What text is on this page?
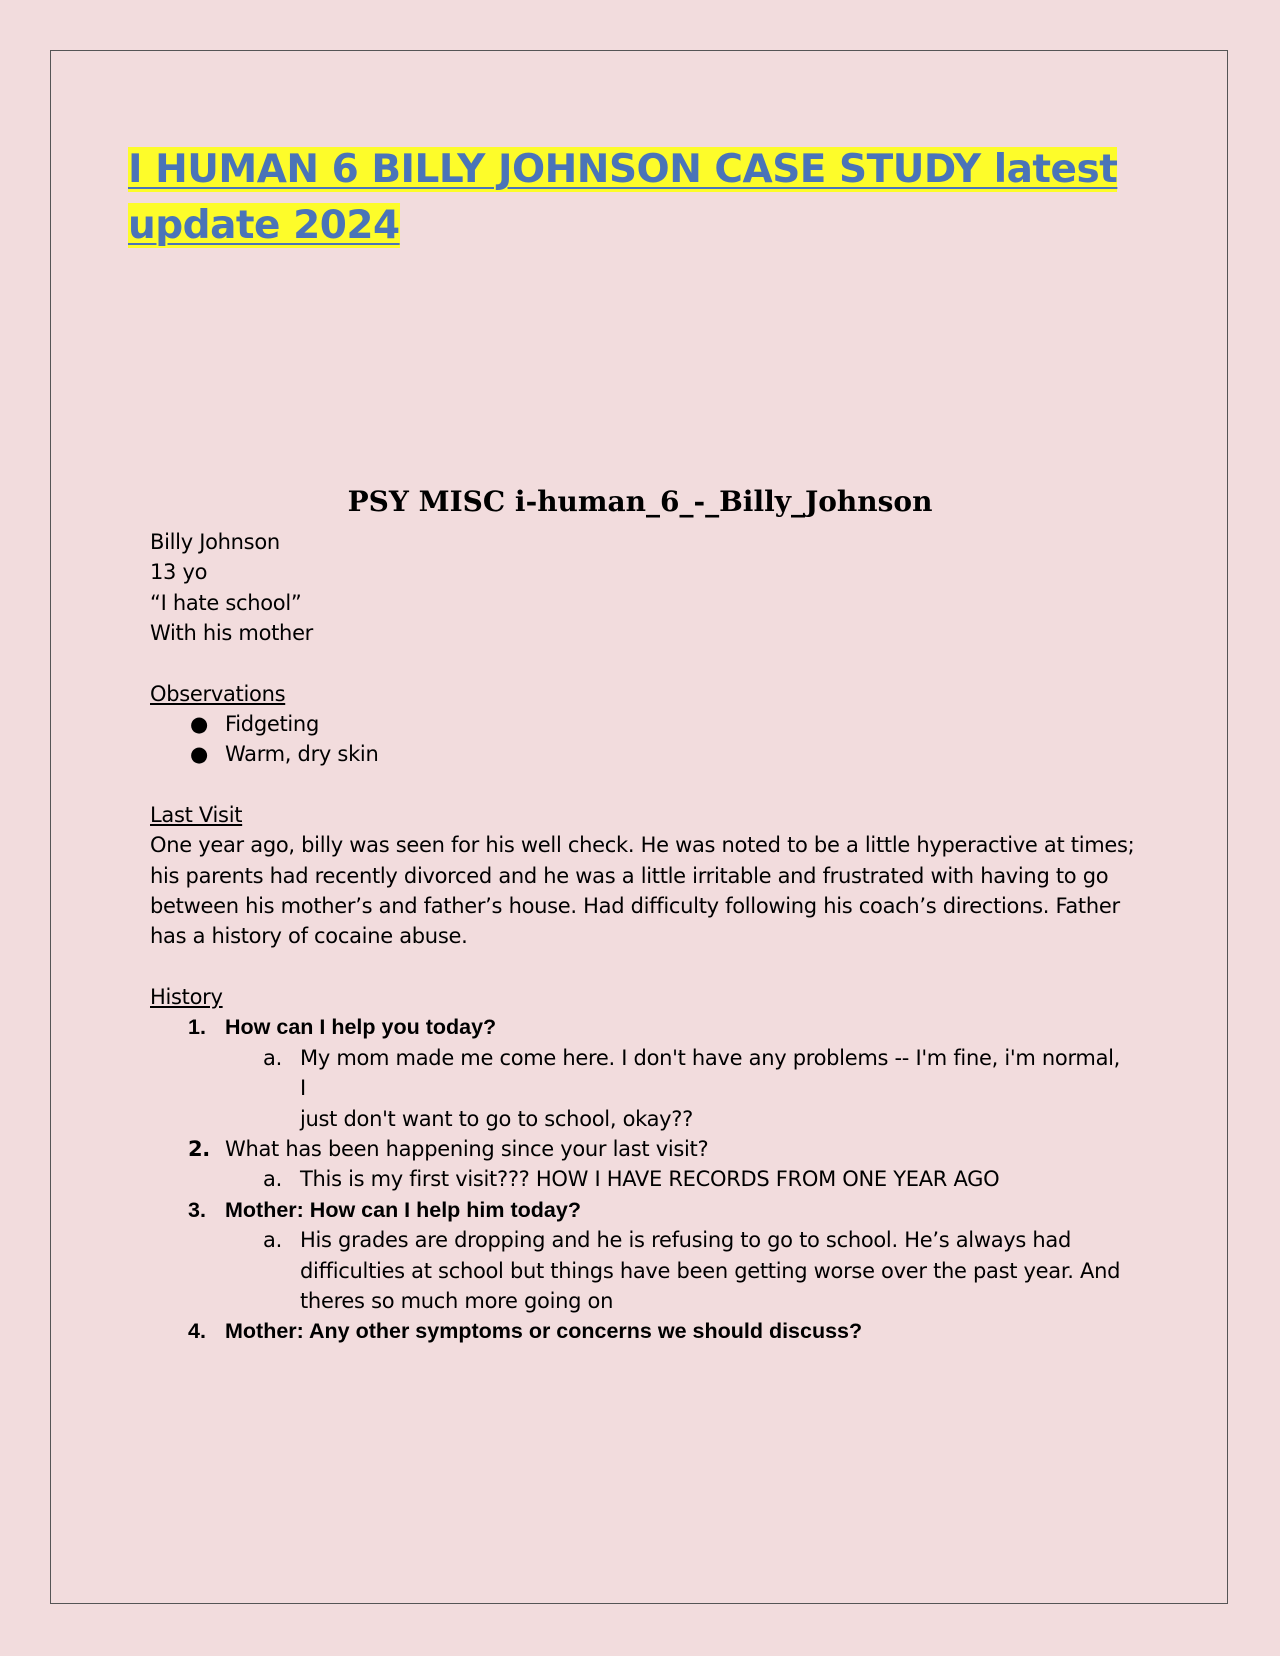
I HUMAN 6 BILLY JOHNSON CASE STUDY latest update 2024
PSY MISC i-human_6_-_Billy_Johnson

Billy Johnson

13 yo

“I hate school”

With his mother

Observations

● Fidgeting
● Warm, dry skin

Last Visit

One year ago, billy was seen for his well check. He was noted to be a little hyperactive at times;

his parents had recently divorced and he was a little irritable and frustrated with having to go

between his mother’s and father’s house. Had difficulty following his coach’s directions. Father

has a history of cocaine abuse.

History

1. How can I help you today?

a. My mom made me come here. I don't have any problems -- I'm fine, i'm normal, I

just don't want to go to school, okay??

2. What has been happening since your last visit?

a. This is my first visit??? HOW I HAVE RECORDS FROM ONE YEAR AGO

3. Mother: How can I help him today?

a. His grades are dropping and he is refusing to go to school. He’s always had

difficulties at school but things have been getting worse over the past year. And

theres so much more going on

4. Mother: Any other symptoms or concerns we should discuss?
